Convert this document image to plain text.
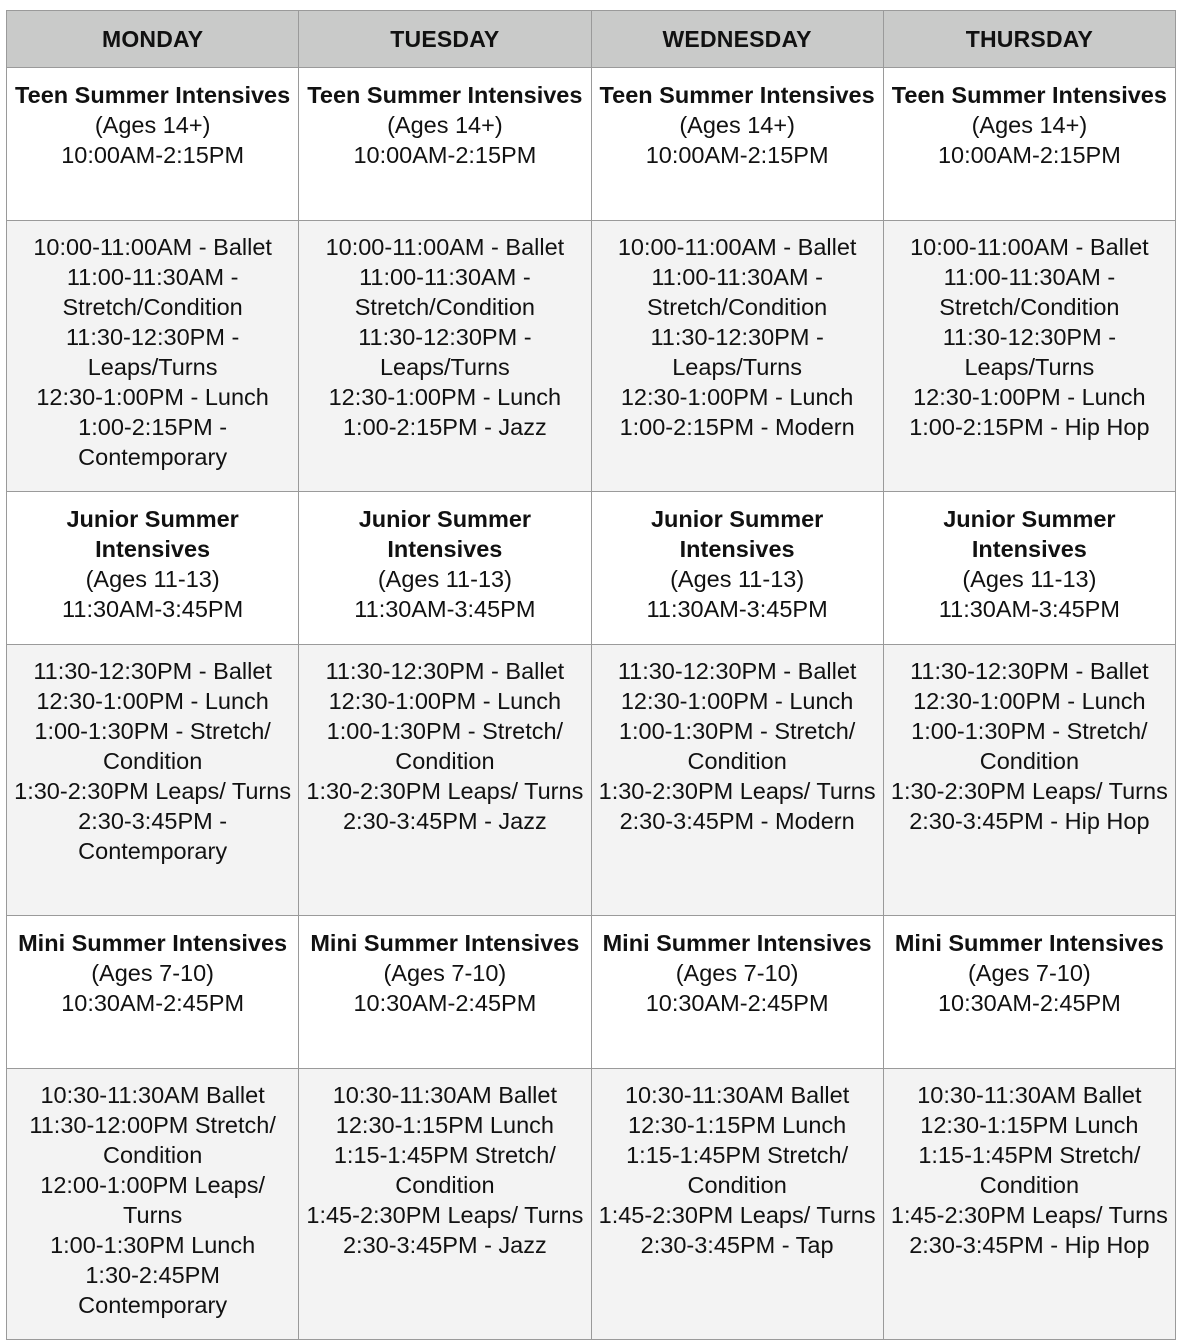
MONDAY	TUESDAY	WEDNESDAY	THURSDAY

Teen Summer Intensives
(Ages 14+)
10:00AM-2:15PM	Teen Summer Intensives
(Ages 14+)
10:00AM-2:15PM	Teen Summer Intensives
(Ages 14+)
10:00AM-2:15PM	Teen Summer Intensives
(Ages 14+)
10:00AM-2:15PM

10:00-11:00AM - Ballet
11:00-11:30AM - Stretch/Condition
11:30-12:30PM - Leaps/Turns
12:30-1:00PM - Lunch
1:00-2:15PM - Contemporary	10:00-11:00AM - Ballet
11:00-11:30AM - Stretch/Condition
11:30-12:30PM - Leaps/Turns
12:30-1:00PM - Lunch
1:00-2:15PM - Jazz	10:00-11:00AM - Ballet
11:00-11:30AM - Stretch/Condition
11:30-12:30PM - Leaps/Turns
12:30-1:00PM - Lunch
1:00-2:15PM - Modern	10:00-11:00AM - Ballet
11:00-11:30AM - Stretch/Condition
11:30-12:30PM - Leaps/Turns
12:30-1:00PM - Lunch
1:00-2:15PM - Hip Hop

Junior Summer Intensives
(Ages 11-13)
11:30AM-3:45PM	Junior Summer Intensives
(Ages 11-13)
11:30AM-3:45PM	Junior Summer Intensives
(Ages 11-13)
11:30AM-3:45PM	Junior Summer Intensives
(Ages 11-13)
11:30AM-3:45PM

11:30-12:30PM - Ballet
12:30-1:00PM - Lunch
1:00-1:30PM - Stretch/ Condition
1:30-2:30PM Leaps/ Turns
2:30-3:45PM - Contemporary	11:30-12:30PM - Ballet
12:30-1:00PM - Lunch
1:00-1:30PM - Stretch/ Condition
1:30-2:30PM Leaps/ Turns
2:30-3:45PM - Jazz	11:30-12:30PM - Ballet
12:30-1:00PM - Lunch
1:00-1:30PM - Stretch/ Condition
1:30-2:30PM Leaps/ Turns
2:30-3:45PM - Modern	11:30-12:30PM - Ballet
12:30-1:00PM - Lunch
1:00-1:30PM - Stretch/ Condition
1:30-2:30PM Leaps/ Turns
2:30-3:45PM - Hip Hop

Mini Summer Intensives
(Ages 7-10)
10:30AM-2:45PM	Mini Summer Intensives
(Ages 7-10)
10:30AM-2:45PM	Mini Summer Intensives
(Ages 7-10)
10:30AM-2:45PM	Mini Summer Intensives
(Ages 7-10)
10:30AM-2:45PM

10:30-11:30AM Ballet
11:30-12:00PM Stretch/ Condition
12:00-1:00PM Leaps/ Turns
1:00-1:30PM Lunch
1:30-2:45PM Contemporary	10:30-11:30AM Ballet
12:30-1:15PM Lunch
1:15-1:45PM Stretch/ Condition
1:45-2:30PM Leaps/ Turns
2:30-3:45PM - Jazz	10:30-11:30AM Ballet
12:30-1:15PM Lunch
1:15-1:45PM Stretch/ Condition
1:45-2:30PM Leaps/ Turns
2:30-3:45PM - Tap	10:30-11:30AM Ballet
12:30-1:15PM Lunch
1:15-1:45PM Stretch/ Condition
1:45-2:30PM Leaps/ Turns
2:30-3:45PM - Hip Hop
